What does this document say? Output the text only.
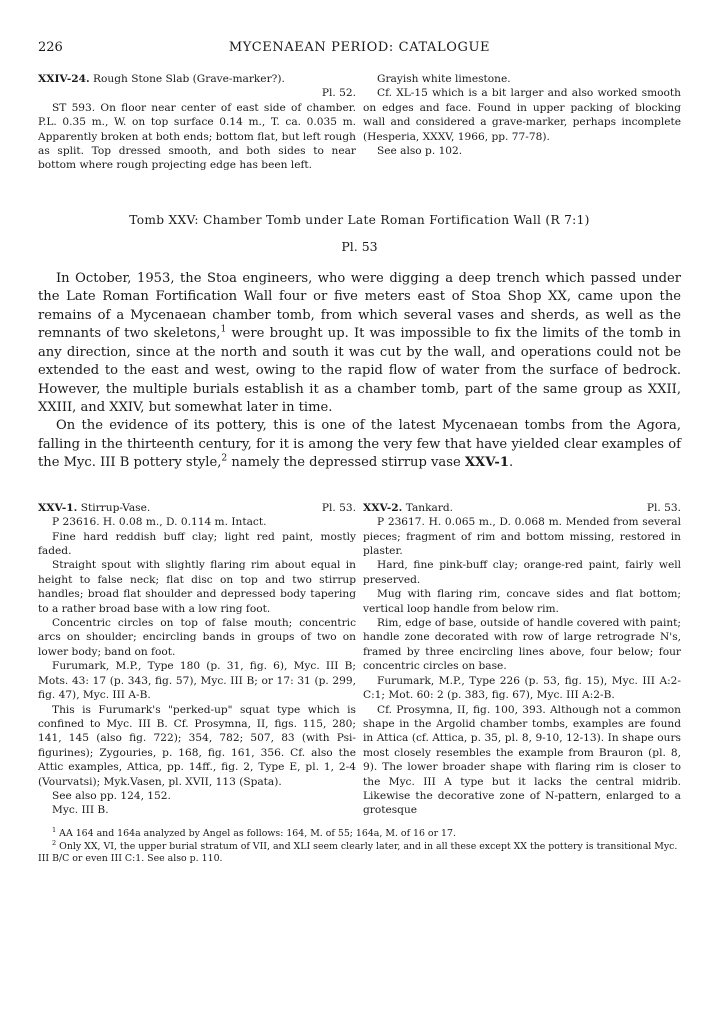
226	MYCENAEAN PERIOD: CATALOGUE
XXIV-24. Rough Stone Slab (Grave-marker?).
Pl. 52.

ST 593. On floor near center of east side of chamber. P.L. 0.35 m., W. on top surface 0.14 m., T. ca. 0.035 m. Apparently broken at both ends; bottom flat, but left rough as split. Top dressed smooth, and both sides to near bottom where rough projecting edge has been left.

Grayish white limestone.

Cf. XL-15 which is a bit larger and also worked smooth on edges and face. Found in upper packing of blocking wall and considered a grave-marker, perhaps incomplete (Hesperia, XXXV, 1966, pp. 77-78).

See also p. 102.

Tomb XXV: Chamber Tomb under Late Roman Fortification Wall (R 7:1)
Pl. 53

In October, 1953, the Stoa engineers, who were digging a deep trench which passed under the Late Roman Fortification Wall four or five meters east of Stoa Shop XX, came upon the remains of a Mycenaean chamber tomb, from which several vases and sherds, as well as the remnants of two skeletons,$^1$ were brought up. It was impossible to fix the limits of the tomb in any direction, since at the north and south it was cut by the wall, and operations could not be extended to the east and west, owing to the rapid flow of water from the surface of bedrock. However, the multiple burials establish it as a chamber tomb, part of the same group as XXII, XXIII, and XXIV, but somewhat later in time.

On the evidence of its pottery, this is one of the latest Mycenaean tombs from the Agora, falling in the thirteenth century, for it is among the very few that have yielded clear examples of the Myc. III B pottery style,$^2$ namely the depressed stirrup vase XXV-1.

XXV-1. Stirrup-Vase.	Pl. 53.

P 23616. H. 0.08 m., D. 0.114 m. Intact.

Fine hard reddish buff clay; light red paint, mostly faded.

Straight spout with slightly flaring rim about equal in height to false neck; flat disc on top and two stirrup handles; broad flat shoulder and depressed body tapering to a rather broad base with a low ring foot.

Concentric circles on top of false mouth; concentric arcs on shoulder; encircling bands in groups of two on lower body; band on foot.

Furumark, M.P., Type 180 (p. 31, fig. 6), Myc. III B; Mots. 43: 17 (p. 343, fig. 57), Myc. III B; or 17: 31 (p. 299, fig. 47), Myc. III A-B.

This is Furumark's "perked-up" squat type which is confined to Myc. III B. Cf. Prosymna, II, figs. 115, 280; 141, 145 (also fig. 722); 354, 782; 507, 83 (with Psi-figurines); Zygouries, p. 168, fig. 161, 356. Cf. also the Attic examples, Attica, pp. 14ff., fig. 2, Type E, pl. 1, 2-4 (Vourvatsi); Myk.Vasen, pl. XVII, 113 (Spata).

See also pp. 124, 152.

Myc. III B.

XXV-2. Tankard.	Pl. 53.

P 23617. H. 0.065 m., D. 0.068 m. Mended from several pieces; fragment of rim and bottom missing, restored in plaster.

Hard, fine pink-buff clay; orange-red paint, fairly well preserved.

Mug with flaring rim, concave sides and flat bottom; vertical loop handle from below rim.

Rim, edge of base, outside of handle covered with paint; handle zone decorated with row of large retrograde N's, framed by three encircling lines above, four below; four concentric circles on base.

Furumark, M.P., Type 226 (p. 53, fig. 15), Myc. III A:2-C:1; Mot. 60: 2 (p. 383, fig. 67), Myc. III A:2-B.

Cf. Prosymna, II, fig. 100, 393. Although not a common shape in the Argolid chamber tombs, examples are found in Attica (cf. Attica, p. 35, pl. 8, 9-10, 12-13). In shape ours most closely resembles the example from Brauron (pl. 8, 9). The lower broader shape with flaring rim is closer to the Myc. III A type but it lacks the central midrib. Likewise the decorative zone of N-pattern, enlarged to a grotesque

$^1$ AA 164 and 164a analyzed by Angel as follows: 164, M. of 55; 164a, M. of 16 or 17.

$^2$ Only XX, VI, the upper burial stratum of VII, and XLI seem clearly later, and in all these except XX the pottery is transitional Myc. III B/C or even III C:1. See also p. 110.
